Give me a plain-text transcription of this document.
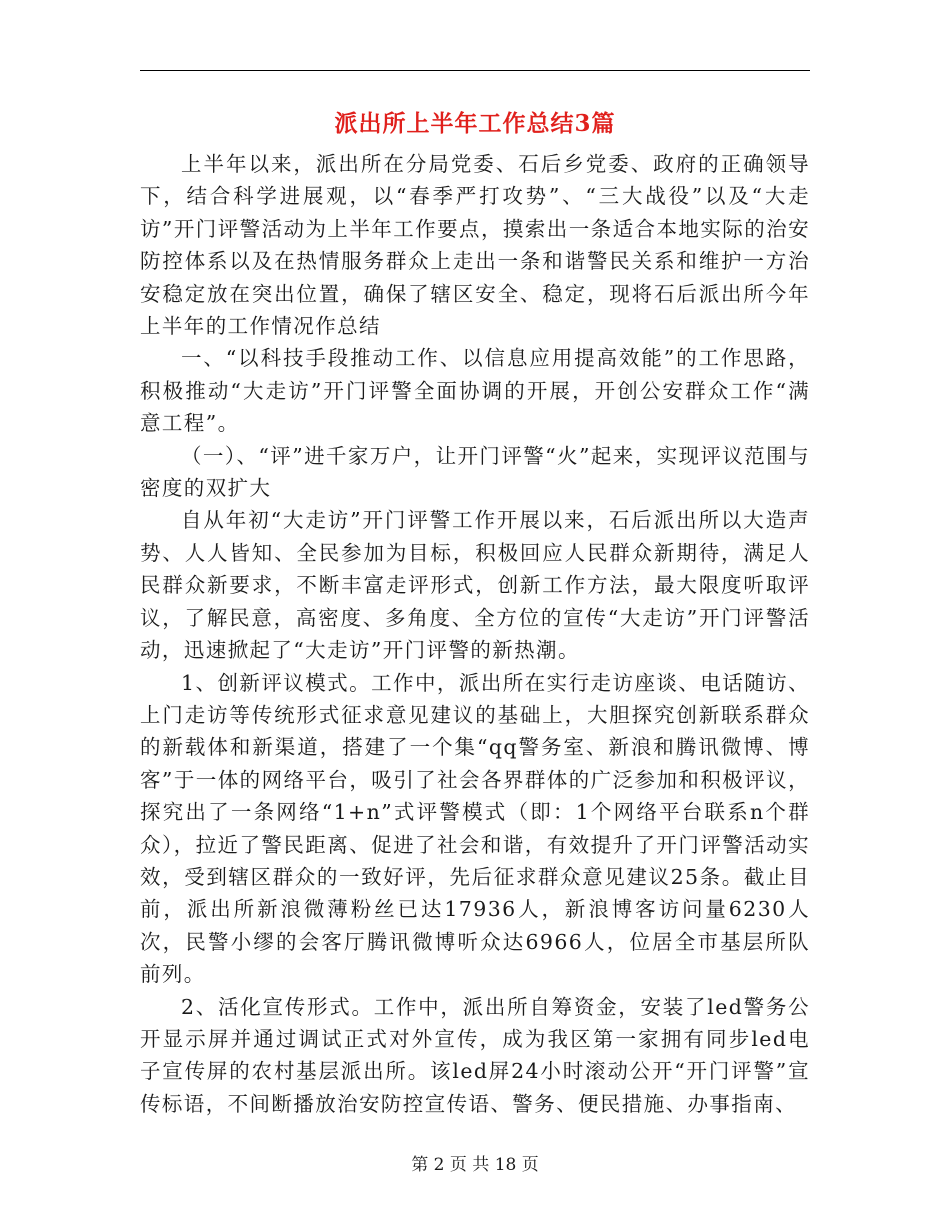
派出所上半年工作总结3篇

上半年以来，派出所在分局党委、石后乡党委、政府的正确领导下，结合科学进展观，以“春季严打攻势”、“三大战役”以及“大走访”开门评警活动为上半年工作要点，摸索出一条适合本地实际的治安防控体系以及在热情服务群众上走出一条和谐警民关系和维护一方治安稳定放在突出位置，确保了辖区安全、稳定，现将石后派出所今年上半年的工作情况作总结

一、“以科技手段推动工作、以信息应用提高效能”的工作思路，积极推动“大走访”开门评警全面协调的开展，开创公安群众工作“满意工程”。

（一）、“评”进千家万户，让开门评警“火”起来，实现评议范围与密度的双扩大

自从年初“大走访”开门评警工作开展以来，石后派出所以大造声势、人人皆知、全民参加为目标，积极回应人民群众新期待，满足人民群众新要求，不断丰富走评形式，创新工作方法，最大限度听取评议，了解民意，高密度、多角度、全方位的宣传“大走访”开门评警活动，迅速掀起了“大走访”开门评警的新热潮。

1、创新评议模式。工作中，派出所在实行走访座谈、电话随访、上门走访等传统形式征求意见建议的基础上，大胆探究创新联系群众的新载体和新渠道，搭建了一个集“qq警务室、新浪和腾讯微博、博客”于一体的网络平台，吸引了社会各界群体的广泛参加和积极评议，探究出了一条网络“1+n”式评警模式（即：1个网络平台联系n个群众），拉近了警民距离、促进了社会和谐，有效提升了开门评警活动实效，受到辖区群众的一致好评，先后征求群众意见建议25条。截止目前，派出所新浪微薄粉丝已达17936人，新浪博客访问量6230人次，民警小缪的会客厅腾讯微博听众达6966人，位居全市基层所队前列。

2、活化宣传形式。工作中，派出所自筹资金，安装了led警务公开显示屏并通过调试正式对外宣传，成为我区第一家拥有同步led电子宣传屏的农村基层派出所。该led屏24小时滚动公开“开门评警”宣传标语，不间断播放治安防控宣传语、警务、便民措施、办事指南、

第 2 页 共 18 页
